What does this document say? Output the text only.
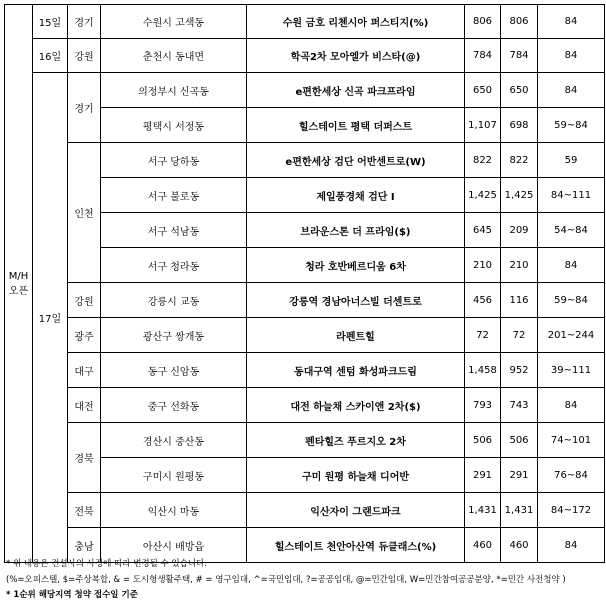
M/H
오픈	15일	경기	수원시 고색동	수원 금호 리첸시아 퍼스티지(%)	806	806	84
	16일	강원	춘천시 동내면	학곡2차 모아엘가 비스타(@)	784	784	84
	17일	경기	의정부시 신곡동	e편한세상 신곡 파크프라임	650	650	84
			평택시 서정동	힐스테이트 평택 더퍼스트	1,107	698	59~84
		인천	서구 당하동	e편한세상 검단 어반센트로(W)	822	822	59
			서구 불로동	제일풍경채 검단 Ⅰ	1,425	1,425	84~111
			서구 석남동	브라운스톤 더 프라임($)	645	209	54~84
			서구 청라동	청라 호반베르디움 6차	210	210	84
		강원	강릉시 교동	강릉역 경남아너스빌 더센트로	456	116	59~84
		광주	광산구 쌍개동	라펜트힐	72	72	201~244
		대구	동구 신암동	동대구역 센텀 화성파크드림	1,458	952	39~111
		대전	중구 선화동	대전 하늘채 스카이앤 2차($)	793	743	84
		경북	경산시 중산동	펜타힐즈 푸르지오 2차	506	506	74~101
			구미시 원평동	구미 원평 하늘채 디어반	291	291	76~84
		전북	익산시 마동	익산자이 그랜드파크	1,431	1,431	84~172
		충남	아산시 배방읍	힐스테이트 천안아산역 듀클래스(%)	460	460	84
* 위 내용은 건설사의 사정에 따라 변경될 수 있습니다.
(%=오피스텔, $=주상복합, & = 도시형생활주택, # = 영구임대, ^=국민임대, ?=공공임대, @=민간임대, W=민간참여공공분양, *=민간 사전청약 )
* 1순위 해당지역 청약 접수일 기준
